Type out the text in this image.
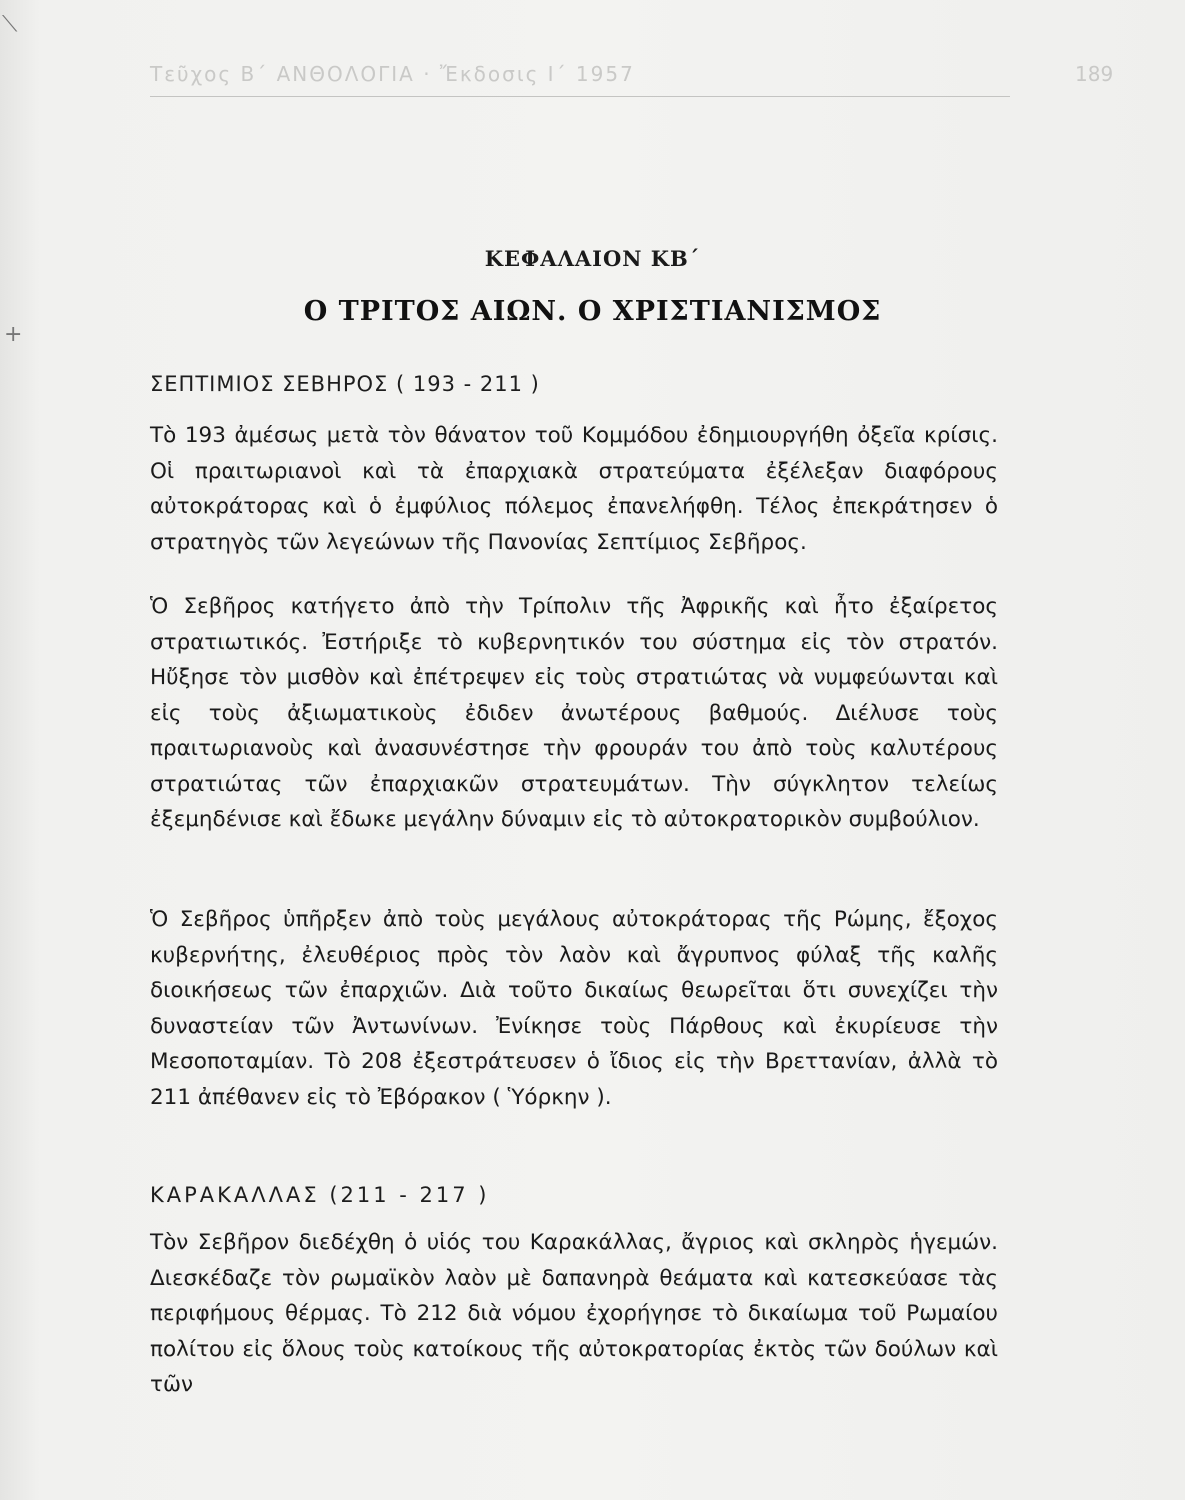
⟍
+
Τεῦχος Β΄ ΑΝΘΟΛΟΓΙΑ · Ἔκδοσις Ι΄ 1957	189
ΚΕΦΑΛΑΙΟΝ ΚΒ΄
Ο ΤΡΙΤΟΣ ΑΙΩΝ. Ο ΧΡΙΣΤΙΑΝΙΣΜΟΣ
ΣΕΠΤΙΜΙΟΣ ΣΕΒΗΡΟΣ ( 193 - 211 )
Τὸ 193 ἀμέσως μετὰ τὸν θάνατον τοῦ Κομμόδου ἐδημιουργήθη ὀξεῖα κρίσις. Οἱ πραιτωριανοὶ καὶ τὰ ἐπαρχιακὰ στρατεύματα ἐξέλεξαν διαφόρους αὐτοκράτορας καὶ ὁ ἐμφύλιος πόλεμος ἐπανελήφθη. Τέλος ἐπεκράτησεν ὁ στρατηγὸς τῶν λεγεώνων τῆς Πανονίας Σεπτίμιος Σεβῆρος.
Ὁ Σεβῆρος κατήγετο ἀπὸ τὴν Τρίπολιν τῆς Ἀφρικῆς καὶ ἦτο ἐξαίρετος στρατιωτικός. Ἐστήριξε τὸ κυβερνητικόν του σύστημα εἰς τὸν στρατόν. Ηὔξησε τὸν μισθὸν καὶ ἐπέτρεψεν εἰς τοὺς στρατιώτας νὰ νυμφεύωνται καὶ εἰς τοὺς ἀξιωματικοὺς ἐδιδεν ἀνωτέρους βαθμούς. Διέλυσε τοὺς πραιτωριανοὺς καὶ ἀνασυνέστησε τὴν φρουράν του ἀπὸ τοὺς καλυτέρους στρατιώτας τῶν ἐπαρχιακῶν στρατευμάτων. Τὴν σύγκλητον τελείως ἐξεμηδένισε καὶ ἔδωκε μεγάλην δύναμιν εἰς τὸ αὐτοκρατορικὸν συμβούλιον.
Ὁ Σεβῆρος ὑπῆρξεν ἀπὸ τοὺς μεγάλους αὐτοκράτορας τῆς Ρώμης, ἔξοχος κυβερνήτης, ἐλευθέριος πρὸς τὸν λαὸν καὶ ἄγρυπνος φύλαξ τῆς καλῆς διοικήσεως τῶν ἐπαρχιῶν. Διὰ τοῦτο δικαίως θεωρεῖται ὅτι συνεχίζει τὴν δυναστείαν τῶν Ἀντωνίνων. Ἐνίκησε τοὺς Πάρθους καὶ ἐκυρίευσε τὴν Μεσοποταμίαν. Τὸ 208 ἐξεστράτευσεν ὁ ἴδιος εἰς τὴν Βρεττανίαν, ἀλλὰ τὸ 211 ἀπέθανεν εἰς τὸ Ἐβόρακον ( Ὑόρκην ).
ΚΑΡΑΚΑΛΛΑΣ (211 - 217 )
Τὸν Σεβῆρον διεδέχθη ὁ υἱός του Καρακάλλας, ἄγριος καὶ σκληρὸς ἡγεμών. Διεσκέδαζε τὸν ρωμαϊκὸν λαὸν μὲ δαπανηρὰ θεάματα καὶ κατεσκεύασε τὰς περιφήμους θέρμας. Τὸ 212 διὰ νόμου ἐχορήγησε τὸ δικαίωμα τοῦ Ρωμαίου πολίτου εἰς ὅλους τοὺς κατοίκους τῆς αὐτοκρατορίας ἐκτὸς τῶν δούλων καὶ τῶν
